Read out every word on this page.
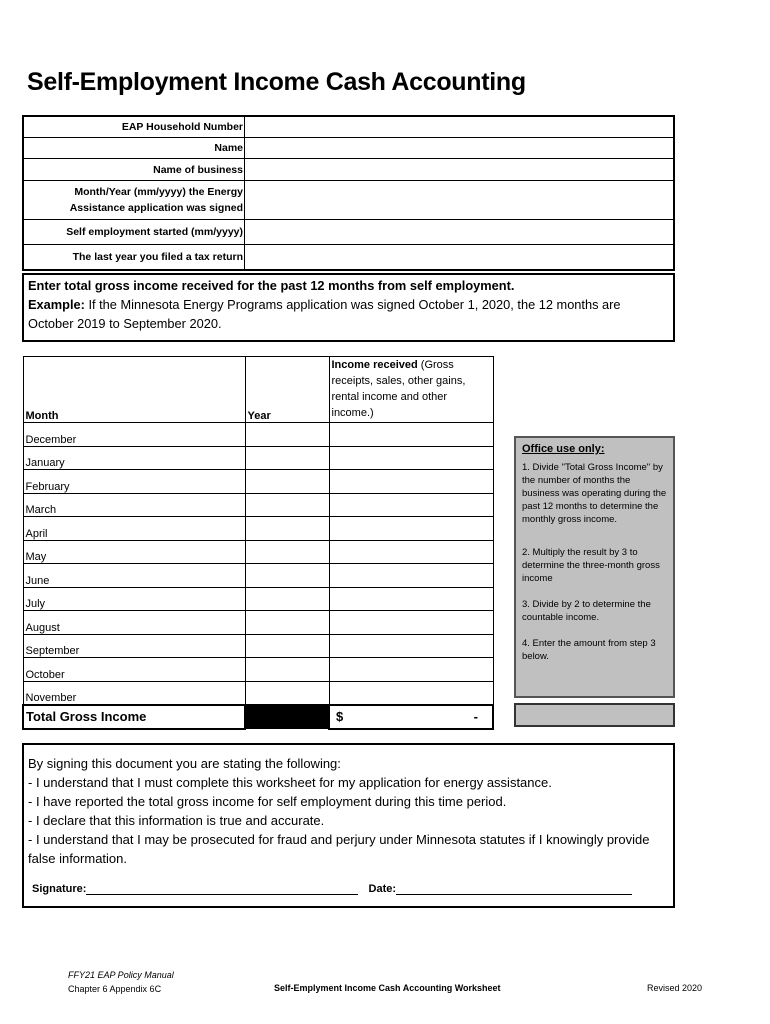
Self-Employment Income Cash Accounting
EAP Household Number
Name
Name of business
Month/Year (mm/yyyy) the Energy Assistance application was signed
Self employment started (mm/yyyy)
The last year you filed a tax return
Enter total gross income received for the past 12 months from self employment.
Example: If the Minnesota Energy Programs application was signed October 1, 2020, the 12 months are October 2019 to September 2020.
Month	Year	Income received (Gross receipts, sales, other gains, rental income and other income.)

December		
January		
February		
March		
April		
May		
June		
July		
August		
September		
October		
November		
Total Gross Income		$ -

Office use only:

1. Divide "Total Gross Income" by the number of months the business was operating during the past 12 months to determine the monthly gross income.

2. Multiply the result by 3 to determine the three-month gross income

3. Divide by 2 to determine the countable income.

4. Enter the amount from step 3 below.

By signing this document you are stating the following:
- I understand that I must complete this worksheet for my application for energy assistance.
- I have reported the total gross income for self employment during this time period.
- I declare that this information is true and accurate.
- I understand that I may be prosecuted for fraud and perjury under Minnesota statutes if I knowingly provide false information.
Signature:	Date:
FFY21 EAP Policy Manual
Chapter 6 Appendix 6C	Self-Emplyment Income Cash Accounting Worksheet	Revised 2020
